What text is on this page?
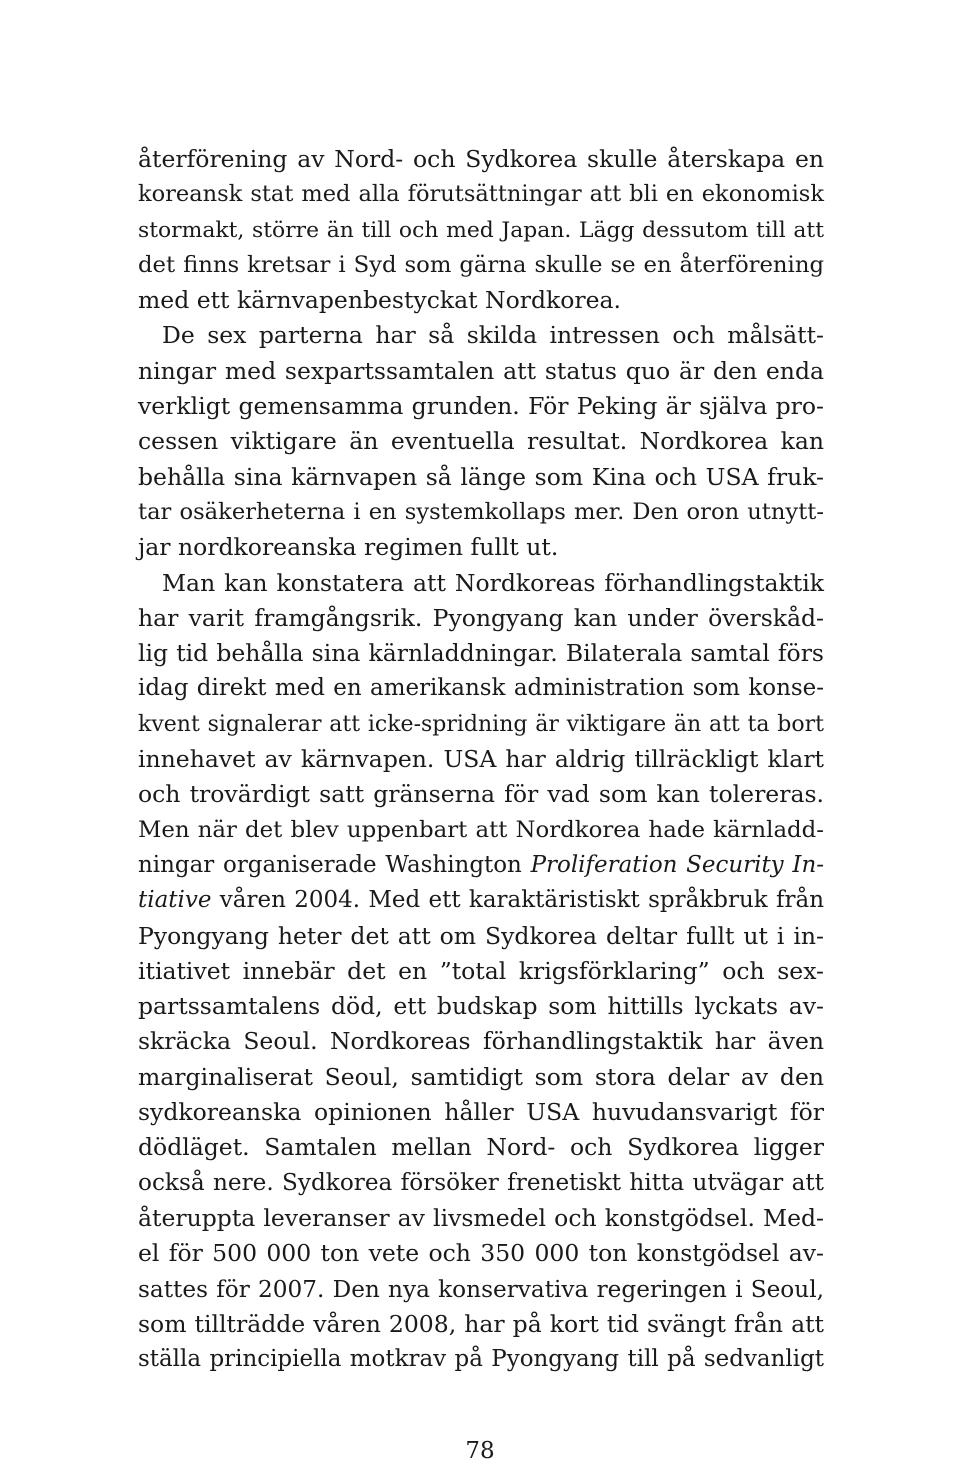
återförening av Nord- och Sydkorea skulle återskapa en
koreansk stat med alla förutsättningar att bli en ekonomisk
stormakt, större än till och med Japan. Lägg dessutom till att
det finns kretsar i Syd som gärna skulle se en återförening
med ett kärnvapenbestyckat Nordkorea.
De sex parterna har så skilda intressen och målsätt-
ningar med sexpartssamtalen att status quo är den enda
verkligt gemensamma grunden. För Peking är själva pro-
cessen viktigare än eventuella resultat. Nordkorea kan
behålla sina kärnvapen så länge som Kina och USA fruk-
tar osäkerheterna i en systemkollaps mer. Den oron utnytt-
jar nordkoreanska regimen fullt ut.
Man kan konstatera att Nordkoreas förhandlingstaktik
har varit framgångsrik. Pyongyang kan under överskåd-
lig tid behålla sina kärnladdningar. Bilaterala samtal förs
idag direkt med en amerikansk administration som konse-
kvent signalerar att icke-spridning är viktigare än att ta bort
innehavet av kärnvapen. USA har aldrig tillräckligt klart
och trovärdigt satt gränserna för vad som kan tolereras.
Men när det blev uppenbart att Nordkorea hade kärnladd-
ningar organiserade Washington Proliferation Security In-
tiative våren 2004. Med ett karaktäristiskt språkbruk från
Pyongyang heter det att om Sydkorea deltar fullt ut i in-
itiativet innebär det en ”total krigsförklaring” och sex-
partssamtalens död, ett budskap som hittills lyckats av-
skräcka Seoul. Nordkoreas förhandlingstaktik har även
marginaliserat Seoul, samtidigt som stora delar av den
sydkoreanska opinionen håller USA huvudansvarigt för
dödläget. Samtalen mellan Nord- och Sydkorea ligger
också nere. Sydkorea försöker frenetiskt hitta utvägar att
återuppta leveranser av livsmedel och konstgödsel. Med-
el för 500 000 ton vete och 350 000 ton konstgödsel av-
sattes för 2007. Den nya konservativa regeringen i Seoul,
som tillträdde våren 2008, har på kort tid svängt från att
ställa principiella motkrav på Pyongyang till på sedvanligt
78
